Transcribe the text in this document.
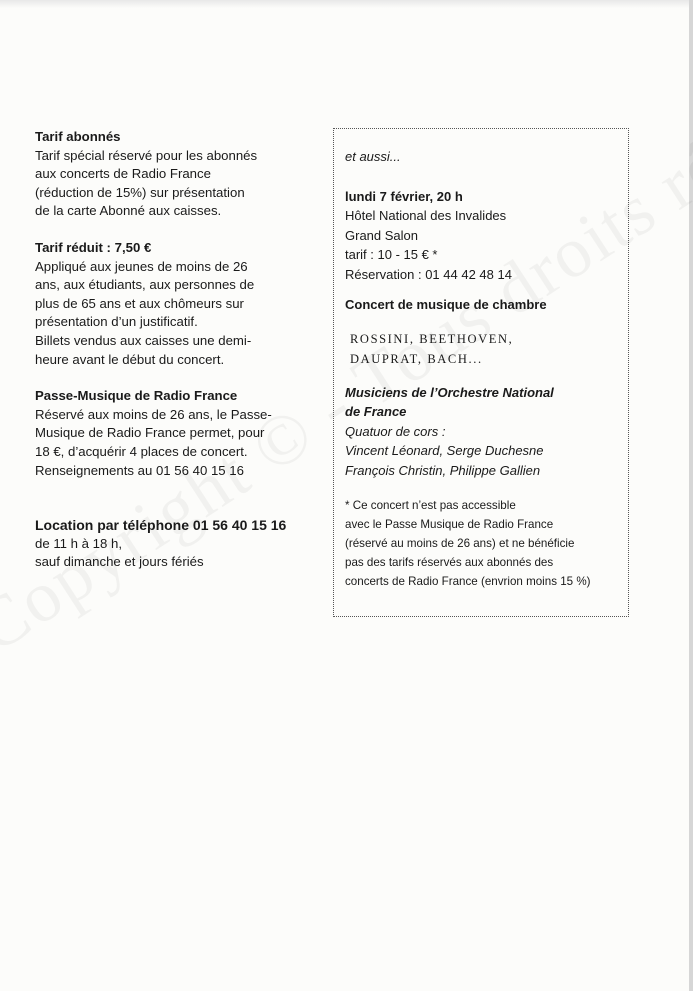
Tarif abonnés
Tarif spécial réservé pour les abonnés
aux concerts de Radio France
(réduction de 15%) sur présentation
de la carte Abonné aux caisses.
Tarif réduit : 7,50 €
Appliqué aux jeunes de moins de 26
ans, aux étudiants, aux personnes de
plus de 65 ans et aux chômeurs sur
présentation d’un justificatif.
Billets vendus aux caisses une demi-
heure avant le début du concert.
Passe-Musique de Radio France
Réservé aux moins de 26 ans, le Passe-
Musique de Radio France permet, pour
18 €, d’acquérir 4 places de concert.
Renseignements au 01 56 40 15 16
Location par téléphone 01 56 40 15 16
de 11 h à 18 h,
sauf dimanche et jours fériés
et aussi...
lundi 7 février, 20 h
Hôtel National des Invalides
Grand Salon
tarif : 10 - 15 € *
Réservation : 01 44 42 48 14
Concert de musique de chambre
ROSSINI, BEETHOVEN,
DAUPRAT, BACH...
Musiciens de l’Orchestre National
de France
Quatuor de cors :
Vincent Léonard, Serge Duchesne
François Christin, Philippe Gallien
* Ce concert n’est pas accessible
avec le Passe Musique de Radio France
(réservé au moins de 26 ans) et ne bénéficie
pas des tarifs réservés aux abonnés des
concerts de Radio France (envrion moins 15 %)
